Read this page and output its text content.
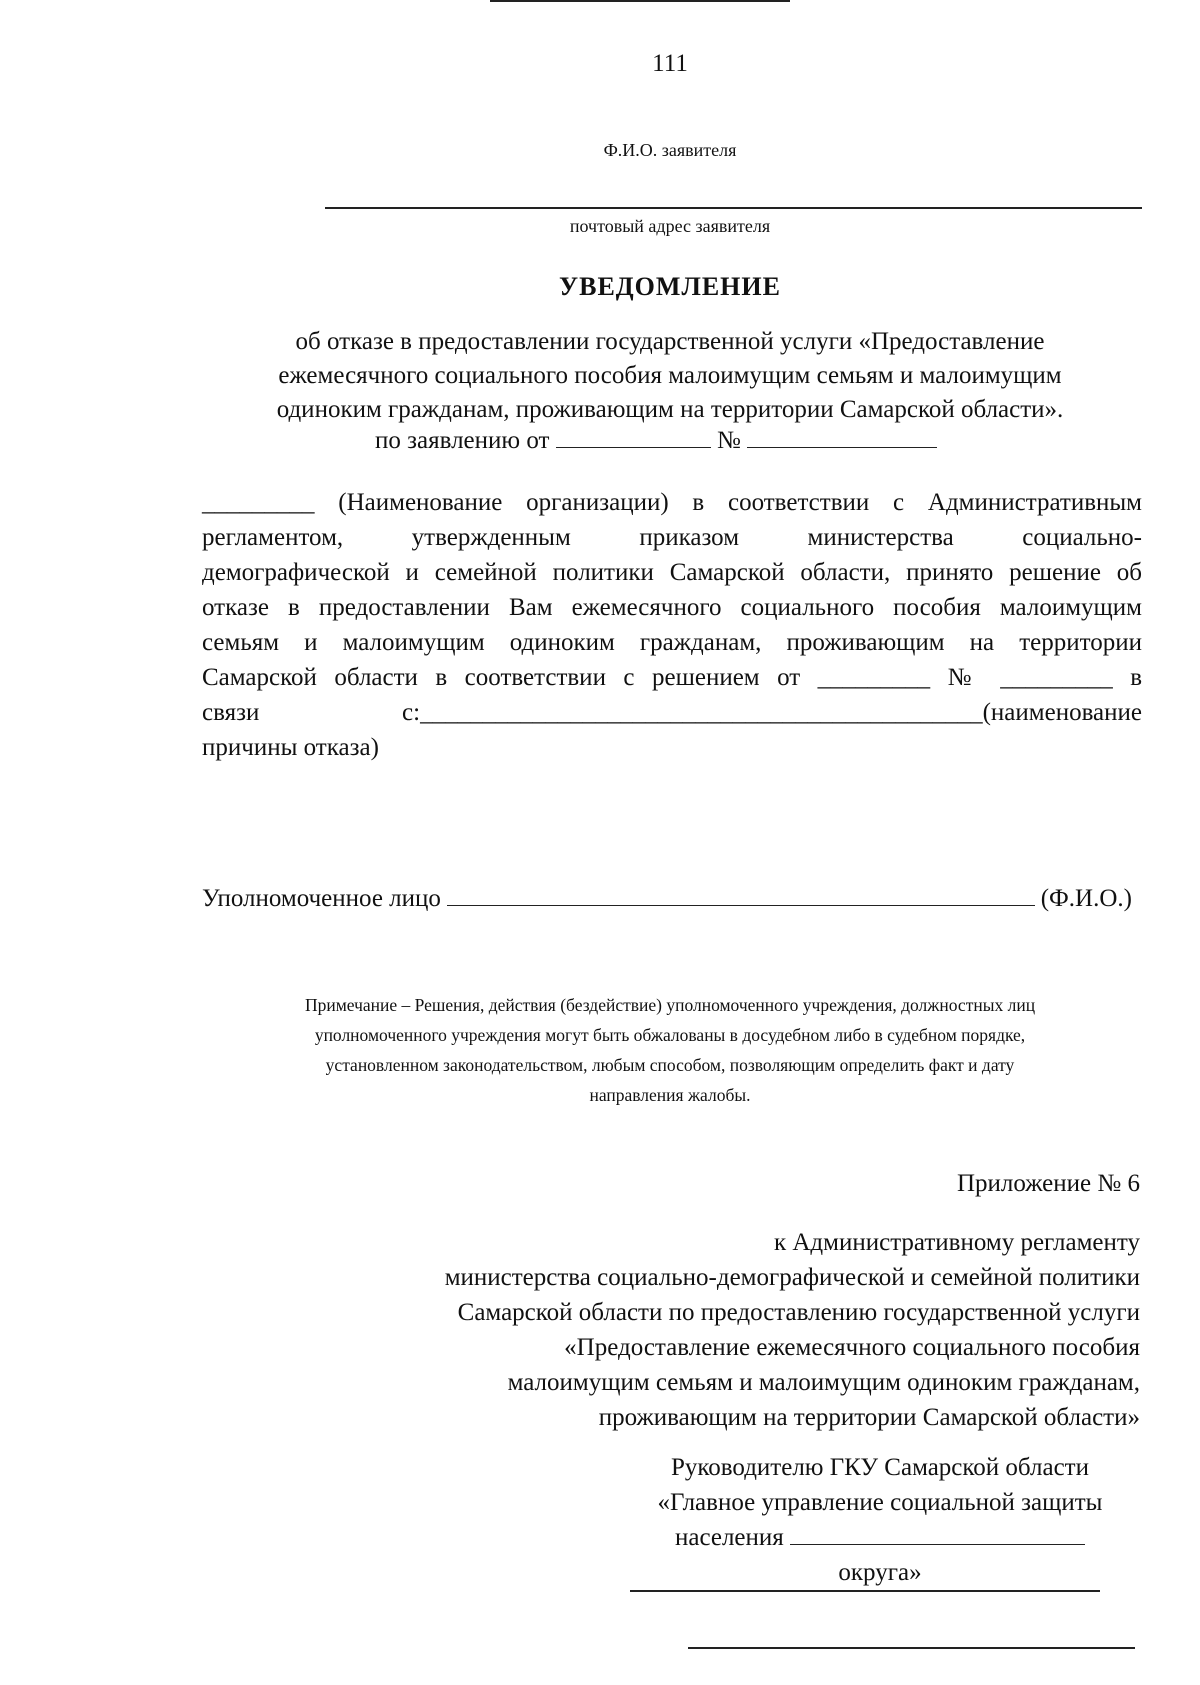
111
Ф.И.О. заявителя
почтовый адрес заявителя
УВЕДОМЛЕНИЕ
об отказе в предоставлении государственной услуги «Предоставление
ежемесячного социального пособия малоимущим семьям и малоимущим
одиноким гражданам, проживающим на территории Самарской области».
по заявлению от	№
_________ (Наименование организации) в соответствии с Административным
регламентом, утвержденным приказом министерства социально-
демографической и семейной политики Самарской области, принято решение об
отказе в предоставлении Вам ежемесячного социального пособия малоимущим
семьям и малоимущим одиноким гражданам, проживающим на территории
Самарской области в соответствии с решением от _________ № _________ в
связи с:_____________________________________________(наименование
причины отказа)
Уполномоченное лицо	(Ф.И.О.)
Примечание – Решения, действия (бездействие) уполномоченного учреждения, должностных лиц
уполномоченного учреждения могут быть обжалованы в досудебном либо в судебном порядке,
установленном законодательством, любым способом, позволяющим определить факт и дату
направления жалобы.
Приложение № 6
к Административному регламенту
министерства социально-демографической и семейной политики
Самарской области по предоставлению государственной услуги
«Предоставление ежемесячного социального пособия
малоимущим семьям и малоимущим одиноким гражданам,
проживающим на территории Самарской области»
Руководителю ГКУ Самарской области
«Главное управление социальной защиты
населения
округа»
